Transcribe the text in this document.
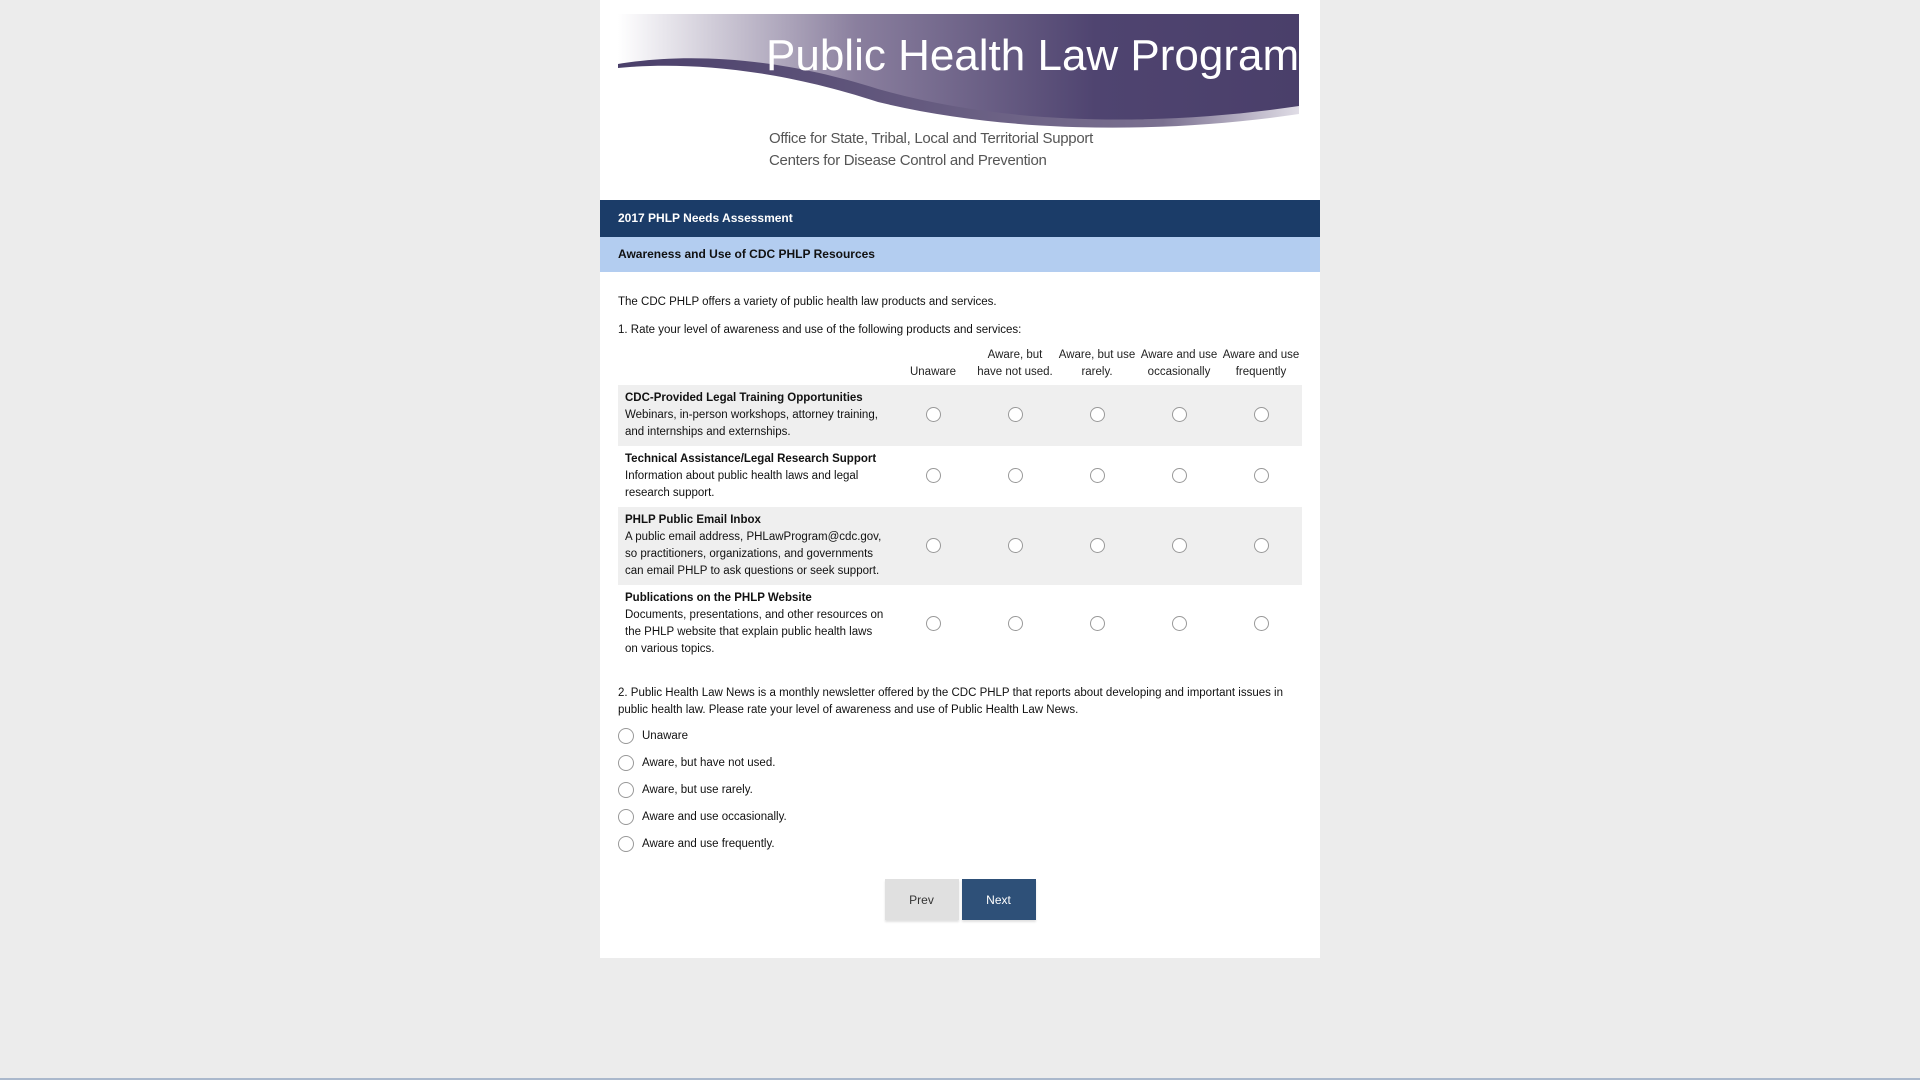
Public Health Law Program
Office for State, Tribal, Local and Territorial Support
Centers for Disease Control and Prevention
2017 PHLP Needs Assessment
Awareness and Use of CDC PHLP Resources
The CDC PHLP offers a variety of public health law products and services.
1. Rate your level of awareness and use of the following products and services:
	Unaware	Aware, but have not used.	Aware, but use rarely.	Aware and use occasionally	Aware and use frequently
CDC-Provided Legal Training Opportunities
Webinars, in-person workshops, attorney training, and internships and externships.					
Technical Assistance/Legal Research Support
Information about public health laws and legal research support.					
PHLP Public Email Inbox
A public email address, PHLawProgram@cdc.gov, so practitioners, organizations, and governments can email PHLP to ask questions or seek support.					
Publications on the PHLP Website
Documents, presentations, and other resources on the PHLP website that explain public health laws on various topics.					
2. Public Health Law News is a monthly newsletter offered by the CDC PHLP that reports about developing and important issues in public health law. Please rate your level of awareness and use of Public Health Law News.
Unaware
Aware, but have not used.
Aware, but use rarely.
Aware and use occasionally.
Aware and use frequently.
Prev	Next
